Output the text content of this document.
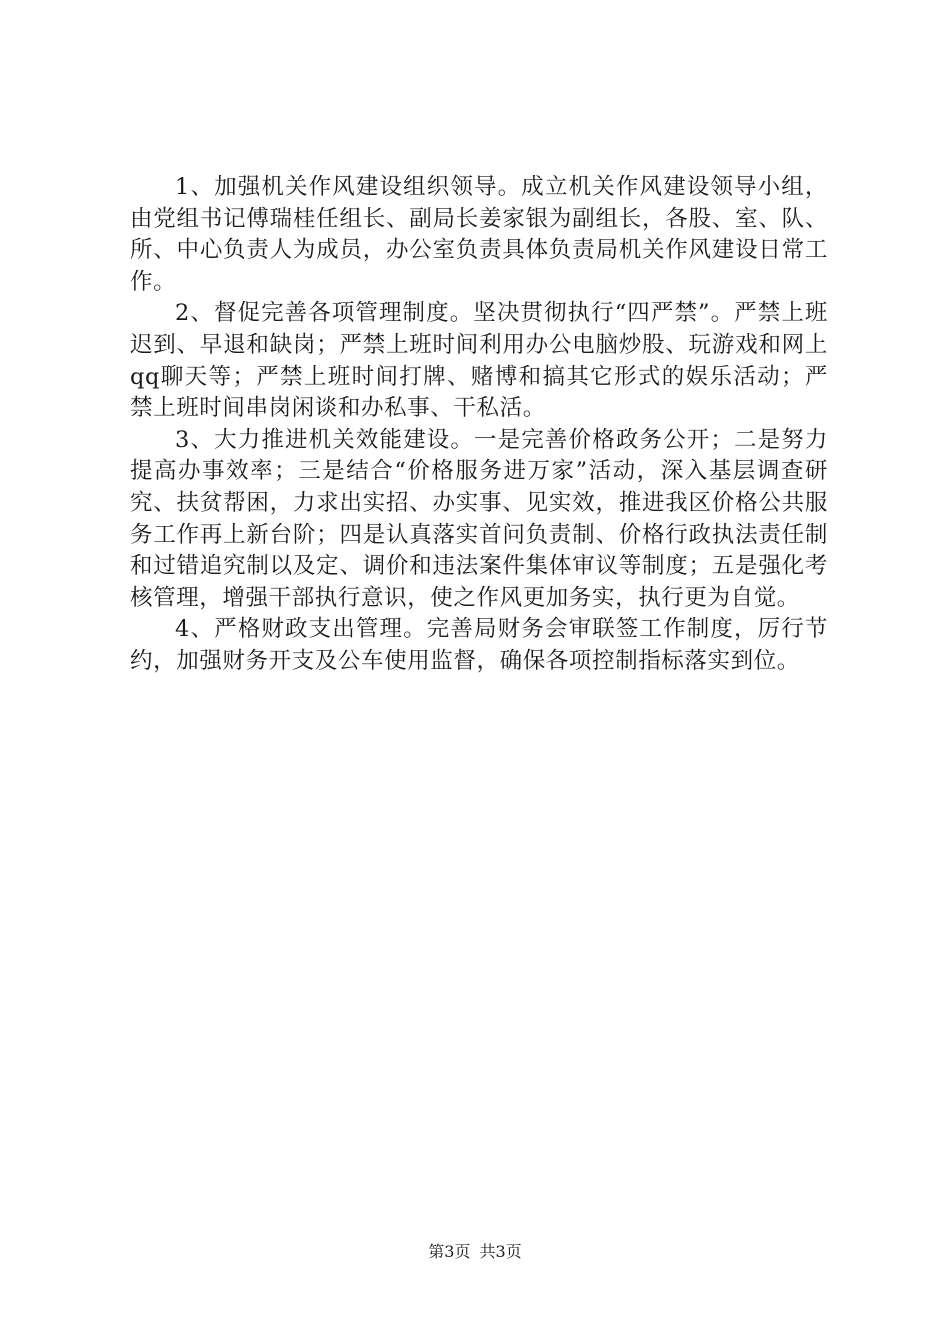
1、加强机关作风建设组织领导。成立机关作风建设领导小组，由党组书记傅瑞桂任组长、副局长姜家银为副组长，各股、室、队、所、中心负责人为成员，办公室负责具体负责局机关作风建设日常工作。

2、督促完善各项管理制度。坚决贯彻执行“四严禁”。严禁上班迟到、早退和缺岗；严禁上班时间利用办公电脑炒股、玩游戏和网上qq聊天等；严禁上班时间打牌、赌博和搞其它形式的娱乐活动；严禁上班时间串岗闲谈和办私事、干私活。

3、大力推进机关效能建设。一是完善价格政务公开；二是努力提高办事效率；三是结合“价格服务进万家”活动，深入基层调查研究、扶贫帮困，力求出实招、办实事、见实效，推进我区价格公共服务工作再上新台阶；四是认真落实首问负责制、价格行政执法责任制和过错追究制以及定、调价和违法案件集体审议等制度；五是强化考核管理，增强干部执行意识，使之作风更加务实，执行更为自觉。

4、严格财政支出管理。完善局财务会审联签工作制度，厉行节约，加强财务开支及公车使用监督，确保各项控制指标落实到位。

第3页 共3页
